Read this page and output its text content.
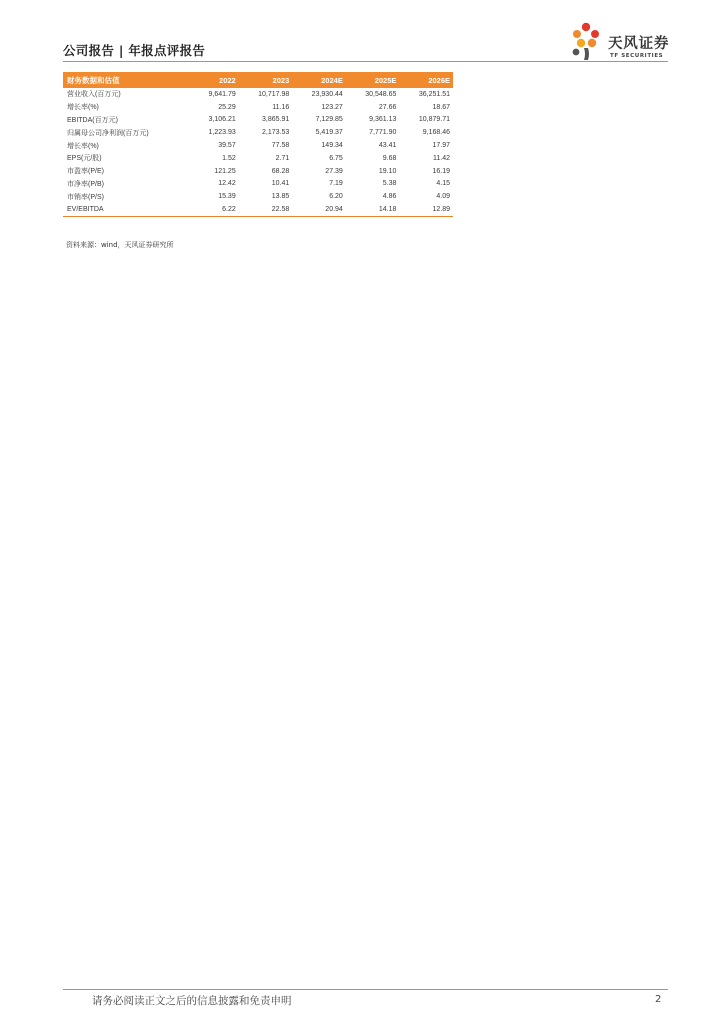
公司报告 | 年报点评报告	天风证券
TF SECURITIES
财务数据和估值	2022	2023	2024E	2025E	2026E
营业收入(百万元)	9,641.79	10,717.98	23,930.44	30,548.65	36,251.51
增长率(%)	25.29	11.16	123.27	27.66	18.67
EBITDA(百万元)	3,106.21	3,865.91	7,129.85	9,361.13	10,879.71
归属母公司净利润(百万元)	1,223.93	2,173.53	5,419.37	7,771.90	9,168.46
增长率(%)	39.57	77.58	149.34	43.41	17.97
EPS(元/股)	1.52	2.71	6.75	9.68	11.42
市盈率(P/E)	121.25	68.28	27.39	19.10	16.19
市净率(P/B)	12.42	10.41	7.19	5.38	4.15
市销率(P/S)	15.39	13.85	6.20	4.86	4.09
EV/EBITDA	6.22	22.58	20.94	14.18	12.89
资料来源：wind，天风证券研究所
请务必阅读正文之后的信息披露和免责申明	2
